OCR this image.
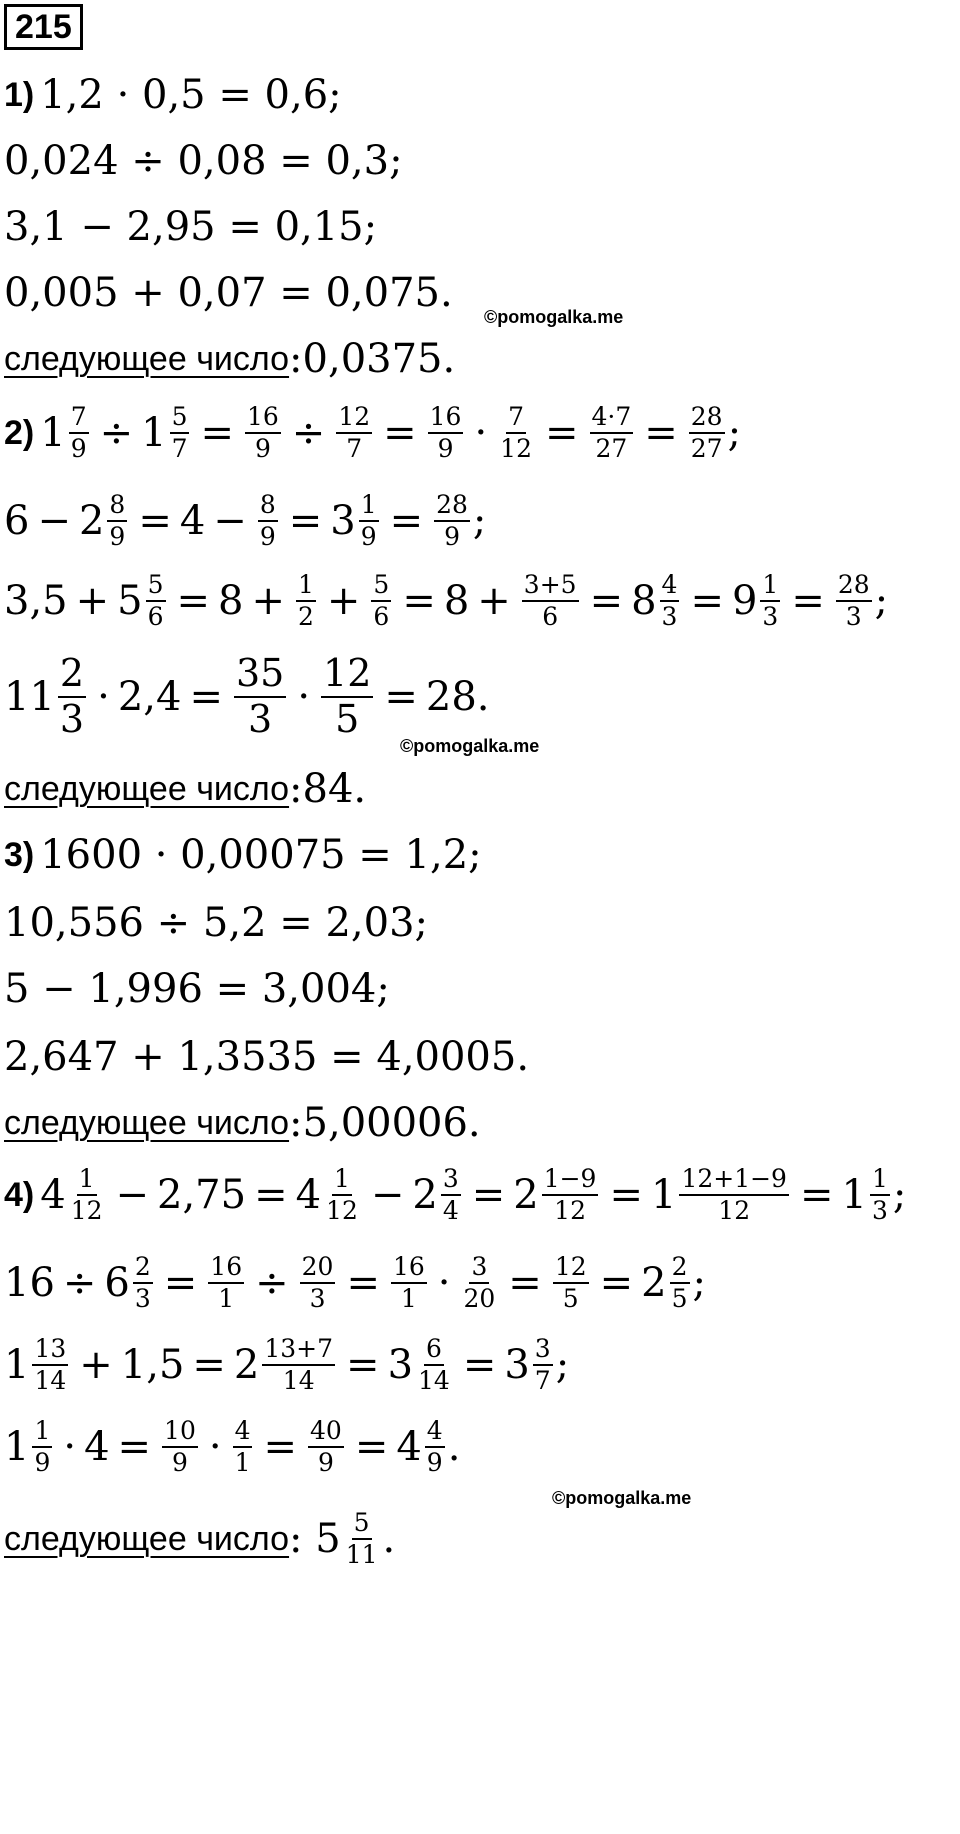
215
1) 1,2 · 0,5 = 0,6;
0,024 ÷ 0,08 = 0,3;
3,1 − 2,95 = 0,15;
0,005 + 0,07 = 0,075.
©pomogalka.me
следующее число :0,0375.
2) $1 \frac{7}{9} \div 1 \frac{5}{7} = \frac{16}{9} \div \frac{12}{7} = \frac{16}{9} \cdot \frac{7}{12} = \frac{4\cdot 7}{27} = \frac{28}{27}$ ;
$6 - 2 \frac{8}{9} = 4 - \frac{8}{9} = 3 \frac{1}{9} = \frac{28}{9}$ ;
$3,5 + 5 \frac{5}{6} = 8 + \frac{1}{2} + \frac{5}{6} = 8 + \frac{3+5}{6} = 8 \frac{4}{3} = 9 \frac{1}{3} = \frac{28}{3}$ ;
$11 \frac{2}{3} \cdot 2,4 = \frac{35}{3} \cdot \frac{12}{5} = 28$.
©pomogalka.me
следующее число :84.
3) 1600 · 0,00075 = 1,2;
10,556 ÷ 5,2 = 2,03;
5 − 1,996 = 3,004;
2,647 + 1,3535 = 4,0005.
следующее число :5,00006.
4) $4 \frac{1}{12} - 2,75 = 4 \frac{1}{12} - 2 \frac{3}{4} = 2 \frac{1-9}{12} = 1 \frac{12+1-9}{12} = 1 \frac{1}{3}$ ;
$16 \div 6 \frac{2}{3} = \frac{16}{1} \div \frac{20}{3} = \frac{16}{1} \cdot \frac{3}{20} = \frac{12}{5} = 2 \frac{2}{5}$ ;
$1 \frac{13}{14} + 1,5 = 2 \frac{13+7}{14} = 3 \frac{6}{14} = 3 \frac{3}{7}$ ;
$1 \frac{1}{9} \cdot 4 = \frac{10}{9} \cdot \frac{4}{1} = \frac{40}{9} = 4 \frac{4}{9}$ .
©pomogalka.me
следующее число : $5 \frac{5}{11}$ .
